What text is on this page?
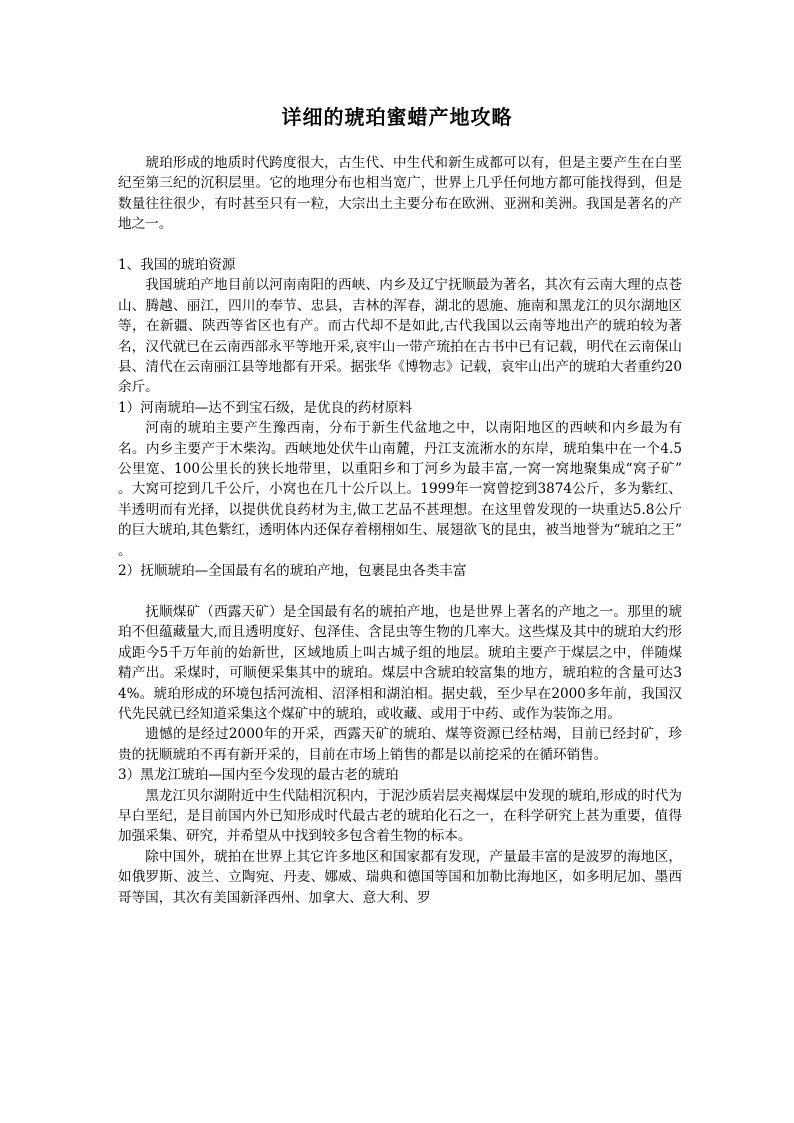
详细的琥珀蜜蜡产地攻略

琥珀形成的地质时代跨度很大，古生代、中生代和新生成都可以有，但是主要产生在白垩纪至第三纪的沉积层里。它的地理分布也相当宽广，世界上几乎任何地方都可能找得到，但是数量往往很少，有时甚至只有一粒，大宗出土主要分布在欧洲、亚洲和美洲。我国是著名的产地之一。

1、我国的琥珀资源

我国琥珀产地目前以河南南阳的西峡、内乡及辽宁抚顺最为著名，其次有云南大理的点苍山、腾越、丽江，四川的奉节、忠县，吉林的浑春，湖北的恩施、施南和黑龙江的贝尔湖地区等，在新疆、陕西等省区也有产。而古代却不是如此,古代我国以云南等地出产的琥珀较为著名，汉代就已在云南西部永平等地开采,哀牢山一带产琉拍在古书中已有记载，明代在云南保山县、清代在云南丽江县等地都有开采。据张华《博物志》记载，哀牢山出产的琥珀大者重约20余斤。

1）河南琥珀—达不到宝石级，是优良的药材原料

河南的琥珀主要产生豫西南，分布于新生代盆地之中，以南阳地区的西峡和内乡最为有名。内乡主要产于木柴沟。西峡地处伏牛山南麓，丹江支流淅水的东岸，琥珀集中在一个4.5公里宽、100公里长的狭长地带里，以重阳乡和丁河乡为最丰富,一窝一窝地聚集成“窝子矿” 。大窝可挖到几千公斤，小窝也在几十公斤以上。1999年一窝曾挖到3874公斤，多为紫红、半透明而有光择，以提供优良药材为主,做工艺品不甚理想。在这里曾发现的一块重达5.8公斤的巨大琥珀,其色紫红，透明体内还保存着栩栩如生、展翅欲飞的昆虫，被当地誉为“琥珀之王” 。

2）抚顺琥珀—全国最有名的琥珀产地，包裹昆虫各类丰富

抚顺煤矿（西露天矿）是全国最有名的琥拍产地，也是世界上著名的产地之一。那里的琥珀不但蕴藏量大,而且透明度好、包泽佳、含昆虫等生物的几率大。这些煤及其中的琥珀大约形成距今5千万年前的始新世，区域地质上叫古城子组的地层。琥珀主要产于煤层之中，伴随煤精产出。采煤时，可顺便采集其中的琥珀。煤层中含琥珀较富集的地方，琥珀粒的含量可达34%。琥珀形成的环境包括河流相、沼泽相和湖泊相。据史载，至少早在2000多年前，我国汉代先民就已经知道采集这个煤矿中的琥珀，或收藏、或用于中药、或作为装饰之用。

遗憾的是经过2000年的开采，西露天矿的琥珀、煤等资源已经枯竭，目前已经封矿，珍贵的抚顺琥珀不再有新开采的，目前在市场上销售的都是以前挖采的在循环销售。

3）黑龙江琥珀—国内至今发现的最古老的琥珀

黑龙江贝尔湖附近中生代陆相沉积内，于泥沙质岩层夹褐煤层中发现的琥珀,形成的时代为早白垩纪，是目前国内外已知形成时代最古老的琥珀化石之一，在科学研究上甚为重要，值得加强采集、研究，并希望从中找到较多包含着生物的标本。

除中国外，琥拍在世界上其它许多地区和国家都有发现，产量最丰富的是波罗的海地区，如俄罗斯、波兰、立陶宛、丹麦、娜威、瑞典和德国等国和加勒比海地区，如多明尼加、墨西哥等国，其次有美国新泽西州、加拿大、意大利、罗
